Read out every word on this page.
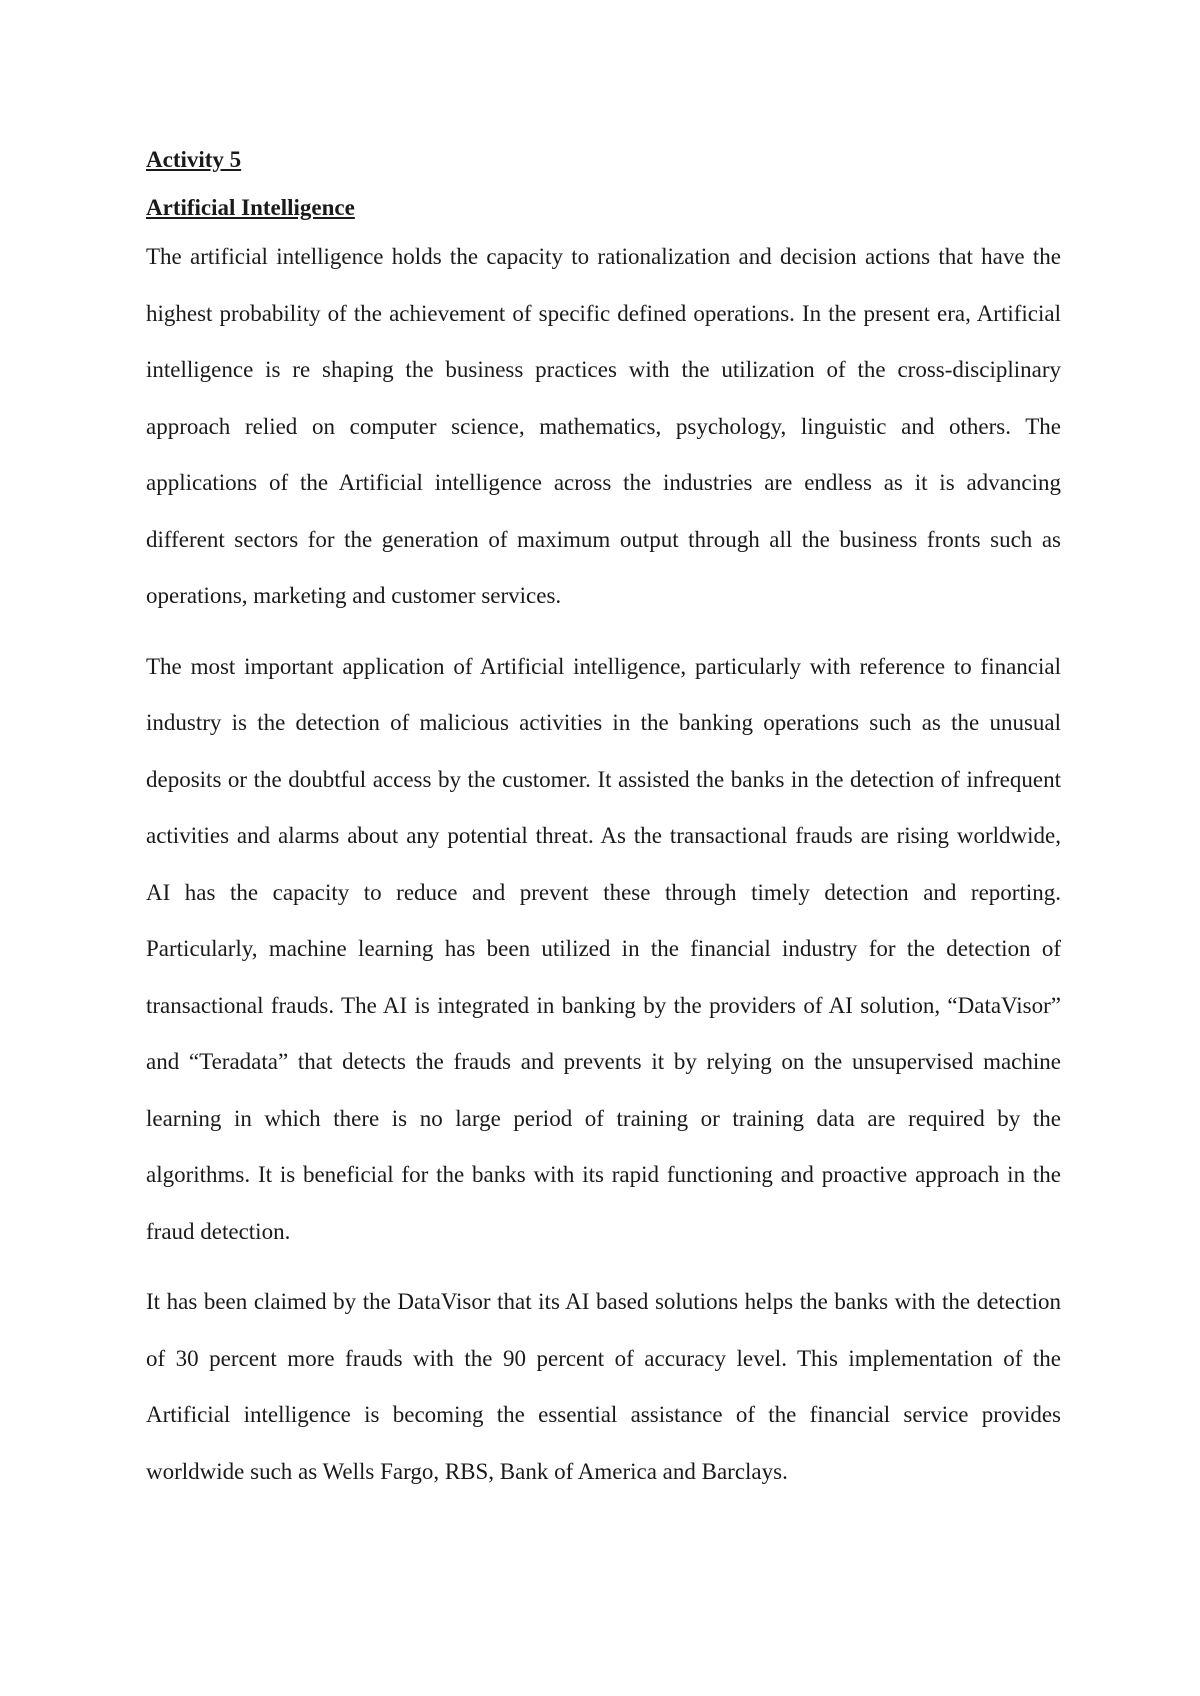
Activity 5

Artificial Intelligence

The artificial intelligence holds the capacity to rationalization and decision actions that have the highest probability of the achievement of specific defined operations. In the present era, Artificial intelligence is re shaping the business practices with the utilization of the cross-disciplinary approach relied on computer science, mathematics, psychology, linguistic and others. The applications of the Artificial intelligence across the industries are endless as it is advancing different sectors for the generation of maximum output through all the business fronts such as operations, marketing and customer services.

The most important application of Artificial intelligence, particularly with reference to financial industry is the detection of malicious activities in the banking operations such as the unusual deposits or the doubtful access by the customer. It assisted the banks in the detection of infrequent activities and alarms about any potential threat. As the transactional frauds are rising worldwide, AI has the capacity to reduce and prevent these through timely detection and reporting. Particularly, machine learning has been utilized in the financial industry for the detection of transactional frauds. The AI is integrated in banking by the providers of AI solution, “DataVisor” and “Teradata” that detects the frauds and prevents it by relying on the unsupervised machine learning in which there is no large period of training or training data are required by the algorithms. It is beneficial for the banks with its rapid functioning and proactive approach in the fraud detection.

It has been claimed by the DataVisor that its AI based solutions helps the banks with the detection of 30 percent more frauds with the 90 percent of accuracy level. This implementation of the Artificial intelligence is becoming the essential assistance of the financial service provides worldwide such as Wells Fargo, RBS, Bank of America and Barclays.
